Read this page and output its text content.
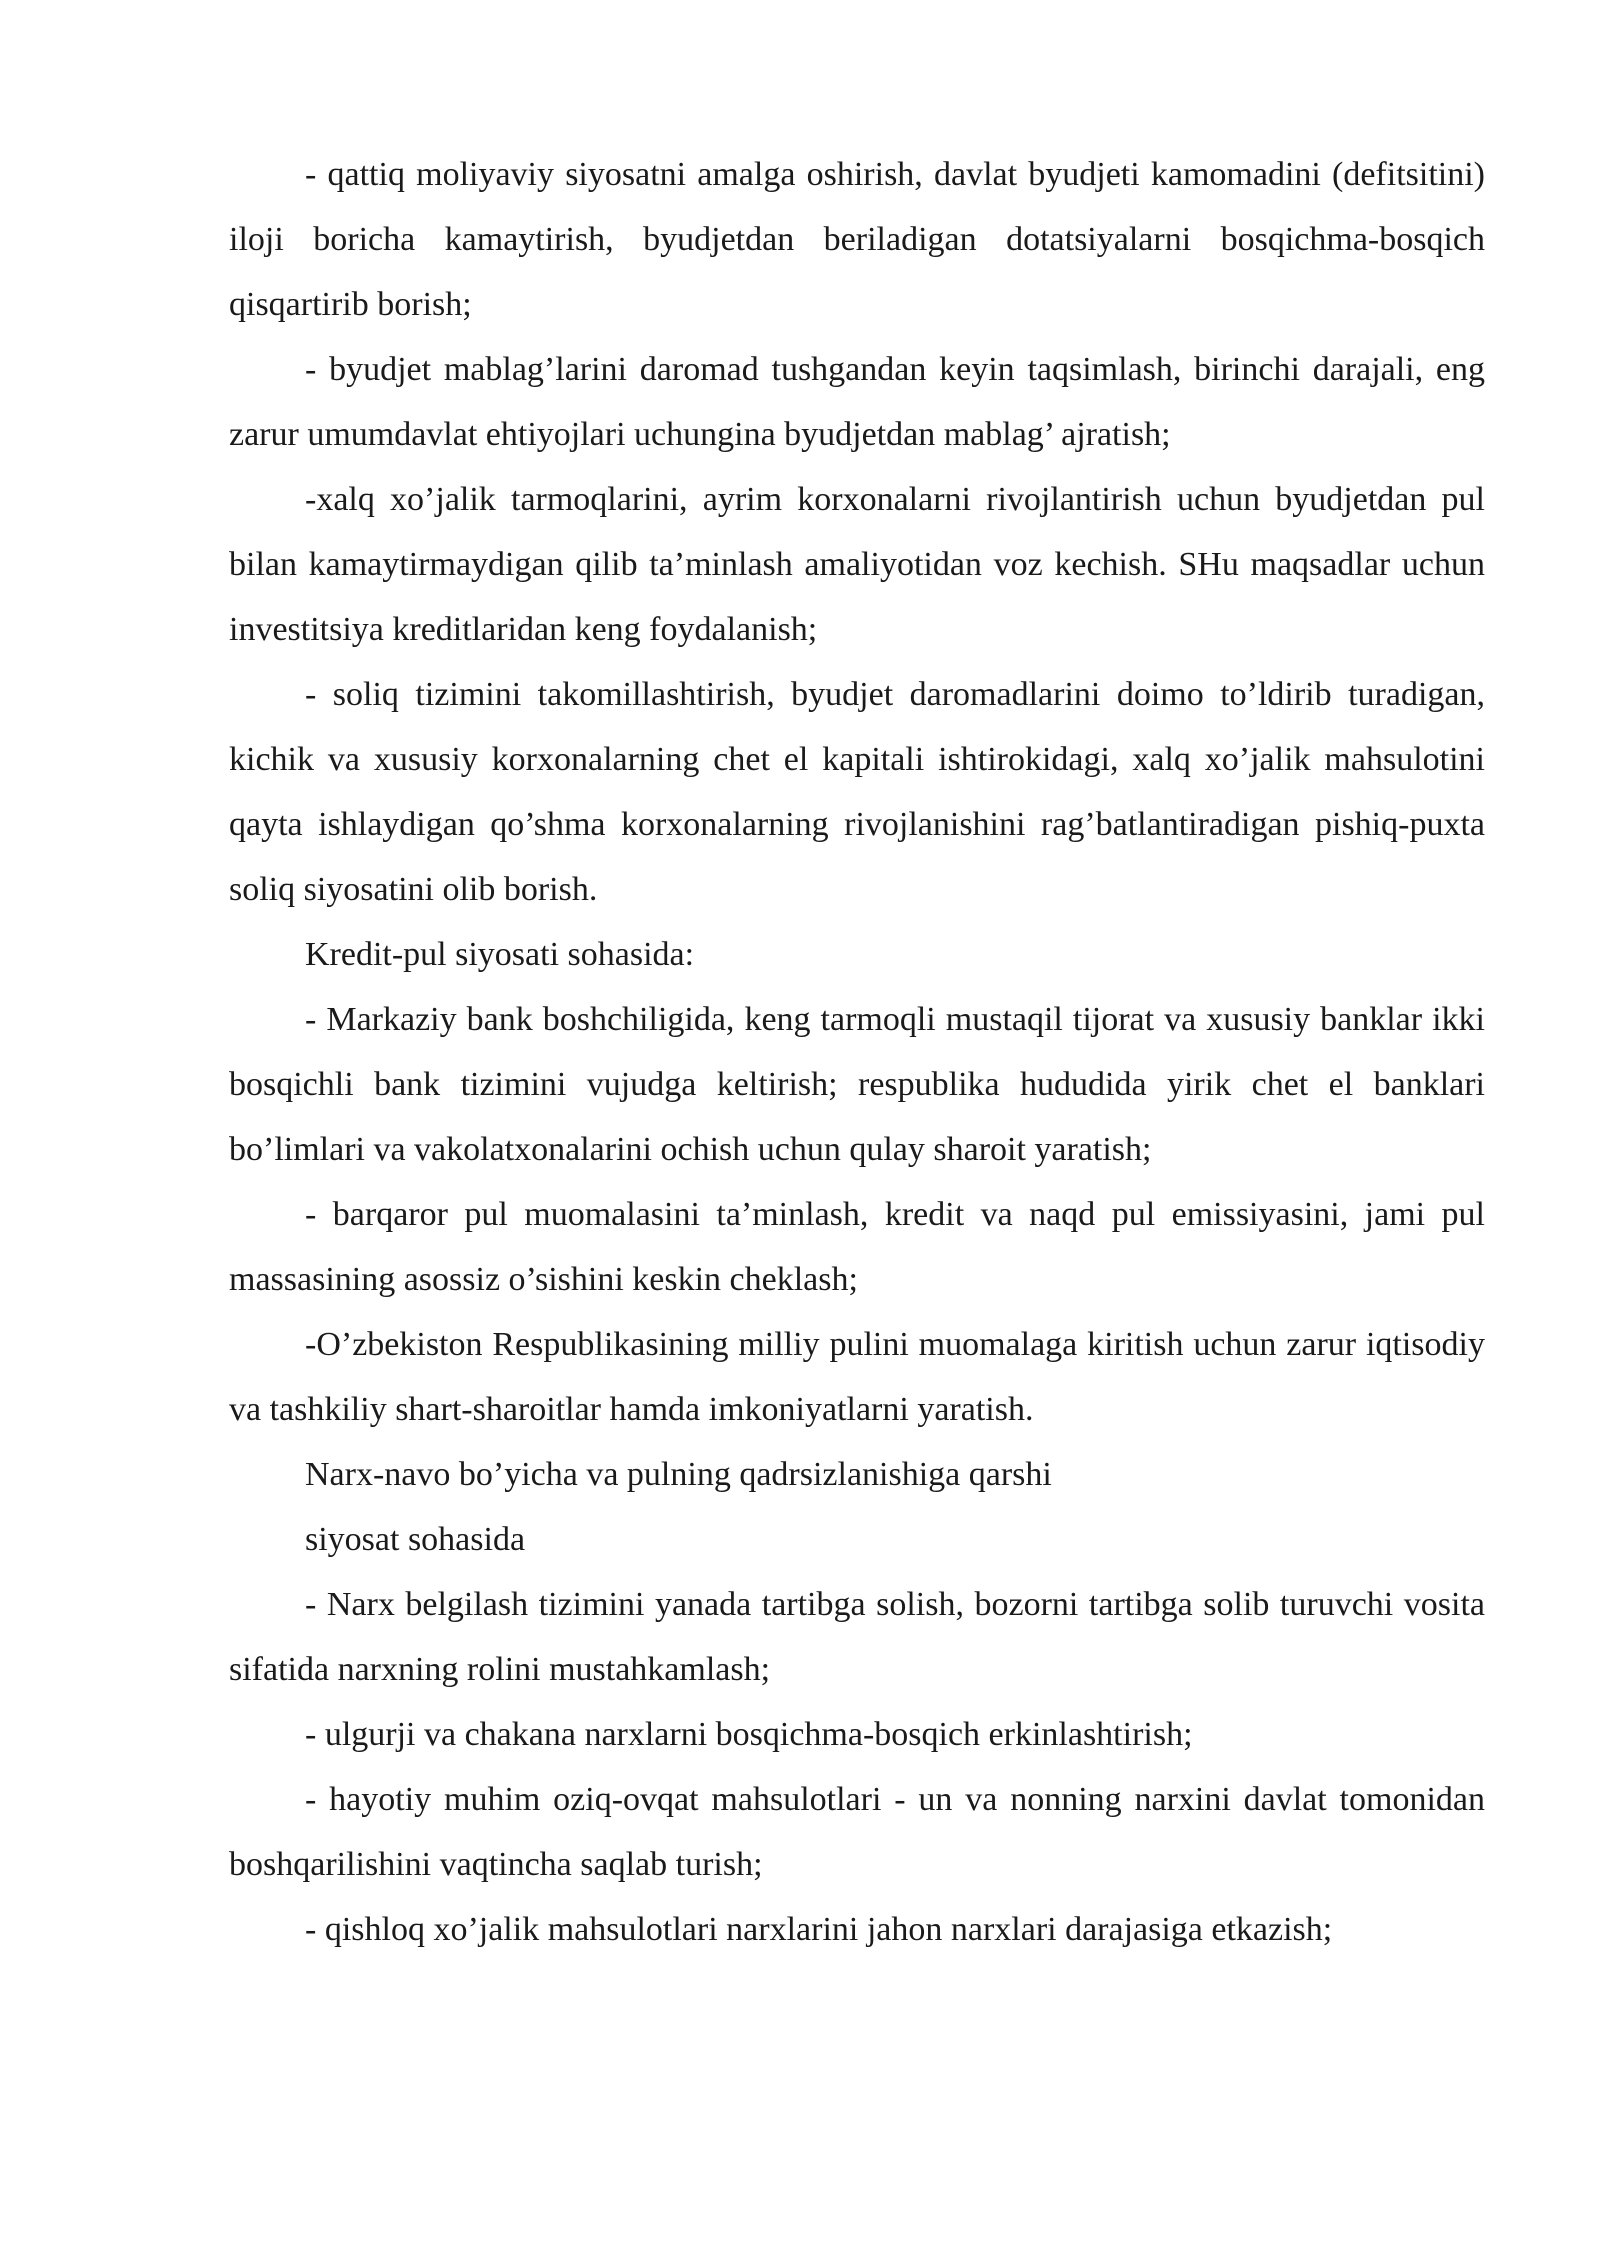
- qattiq moliyaviy siyosatni amalga oshirish, davlat byudjeti kamomadini (defitsitini) iloji boricha kamaytirish, byudjetdan beriladigan dotatsiyalarni bosqichma-bosqich qisqartirib borish;

- byudjet mablag’larini daromad tushgandan keyin taqsimlash, birinchi darajali, eng zarur umumdavlat ehtiyojlari uchungina byudjetdan mablag’ ajratish;

-xalq xo’jalik tarmoqlarini, ayrim korxonalarni rivojlantirish uchun byudjetdan pul bilan kamaytirmaydigan qilib ta’minlash amaliyotidan voz kechish. SHu maqsadlar uchun investitsiya kreditlaridan keng foydalanish;

- soliq tizimini takomillashtirish, byudjet daromadlarini doimo to’ldirib turadigan, kichik va xususiy korxonalarning chet el kapitali ishtirokidagi, xalq xo’jalik mahsulotini qayta ishlaydigan qo’shma korxonalarning rivojlanishini rag’batlantiradigan pishiq-puxta soliq siyosatini olib borish.

Kredit-pul siyosati sohasida:

- Markaziy bank boshchiligida, keng tarmoqli mustaqil tijorat va xususiy banklar ikki bosqichli bank tizimini vujudga keltirish; respublika hududida yirik chet el banklari bo’limlari va vakolatxonalarini ochish uchun qulay sharoit yaratish;

- barqaror pul muomalasini ta’minlash, kredit va naqd pul emissiyasini, jami pul massasining asossiz o’sishini keskin cheklash;

-O’zbekiston Respublikasining milliy pulini muomalaga kiritish uchun zarur iqtisodiy va tashkiliy shart-sharoitlar hamda imkoniyatlarni yaratish.

Narx-navo bo’yicha va pulning qadrsizlanishiga qarshi

siyosat sohasida

- Narx belgilash tizimini yanada tartibga solish, bozorni tartibga solib turuvchi vosita sifatida narxning rolini mustahkamlash;

- ulgurji va chakana narxlarni bosqichma-bosqich erkinlashtirish;

- hayotiy muhim oziq-ovqat mahsulotlari - un va nonning narxini davlat tomonidan boshqarilishini vaqtincha saqlab turish;

- qishloq xo’jalik mahsulotlari narxlarini jahon narxlari darajasiga etkazish;
